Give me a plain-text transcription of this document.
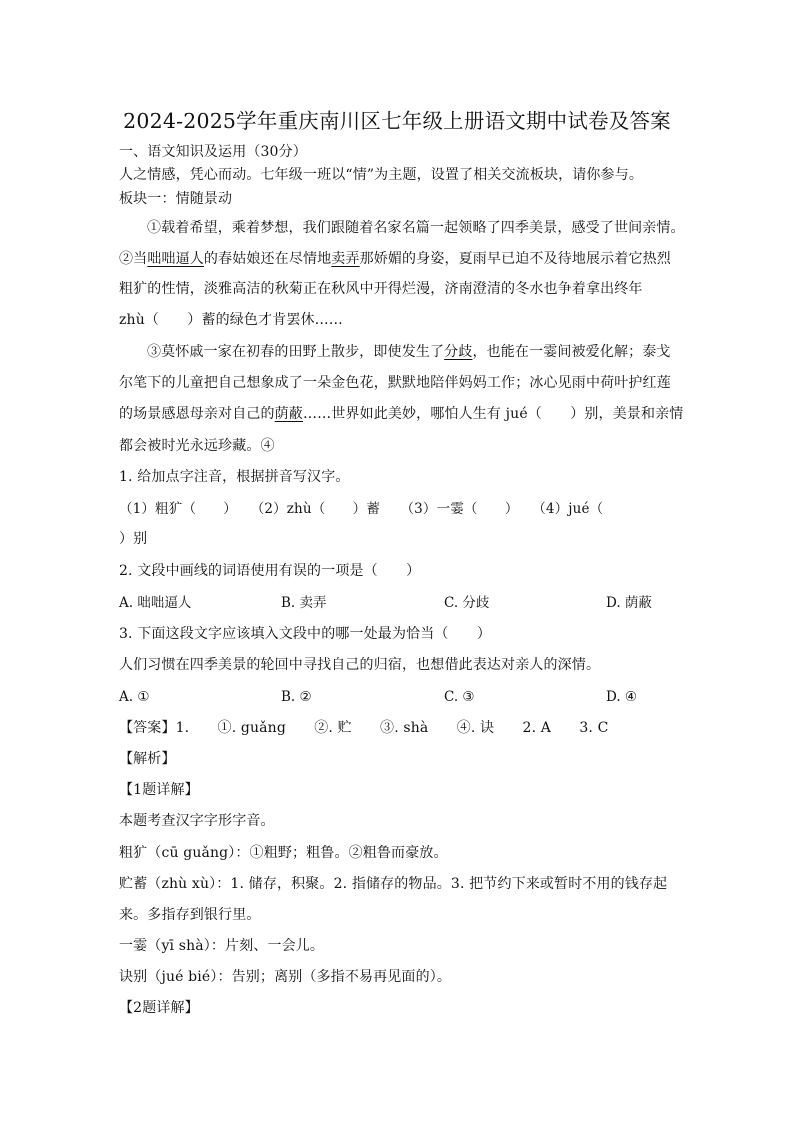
2024-2025学年重庆南川区七年级上册语文期中试卷及答案
一、语文知识及运用（30分）
人之情感，凭心而动。七年级一班以“情”为主题，设置了相关交流板块，请你参与。
板块一：情随景动
①载着希望，乘着梦想，我们跟随着名家名篇一起领略了四季美景，感受了世间亲情。
②当咄咄逼人的春姑娘还在尽情地卖弄那娇媚的身姿，夏雨早已迫不及待地展示着它热烈
粗犷的性情，淡雅高洁的秋菊正在秋风中开得烂漫，济南澄清的冬水也争着拿出终年
zhù（　　）蓄的绿色才肯罢休……
③莫怀戚一家在初春的田野上散步，即使发生了分歧，也能在一霎间被爱化解；泰戈
尔笔下的儿童把自己想象成了一朵金色花，默默地陪伴妈妈工作；冰心见雨中荷叶护红莲
的场景感恩母亲对自己的荫蔽……世界如此美妙，哪怕人生有 jué（　　）别，美景和亲情
都会被时光永远珍藏。④
1. 给加点字注音，根据拼音写汉字。
（1）粗犷（　　）　　（2）zhù（　　）蓄　　（3）一霎（　　）　　（4）jué（
）别
2. 文段中画线的词语使用有误的一项是（　　）
A. 咄咄逼人	B. 卖弄	C. 分歧	D. 荫蔽
3. 下面这段文字应该填入文段中的哪一处最为恰当（　　）
人们习惯在四季美景的轮回中寻找自己的归宿，也想借此表达对亲人的深情。
A. ①	B. ②	C. ③	D. ④
【答案】1.　　①. guǎng　　②. 贮　　③. shà　　④. 诀　　2. A　　3. C
【解析】
【1题详解】
本题考查汉字字形字音。
粗犷（cū guǎng）：①粗野；粗鲁。②粗鲁而豪放。
贮蓄（zhù xù）：1. 储存，积聚。2. 指储存的物品。3. 把节约下来或暂时不用的钱存起
来。多指存到银行里。
一霎（yī shà）：片刻、一会儿。
诀别（jué bié）：告别；离别（多指不易再见面的）。
【2题详解】
